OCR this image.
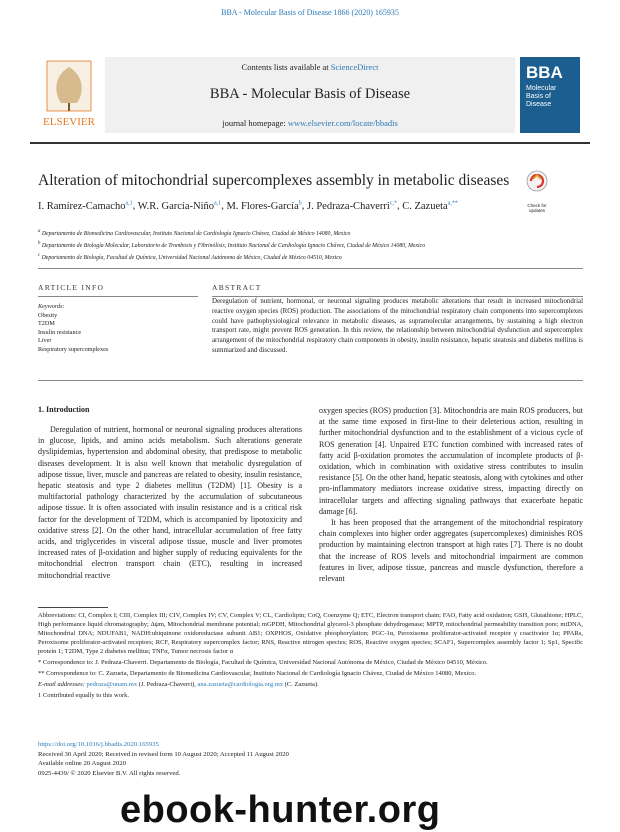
BBA - Molecular Basis of Disease 1866 (2020) 165935
ELSEVIER
Contents lists available at ScienceDirect
BBA - Molecular Basis of Disease
journal homepage: www.elsevier.com/locate/bbadis
BBA
Molecular Basis of Disease
Alteration of mitochondrial supercomplexes assembly in metabolic diseases
Check for updates
I. Ramírez-Camacho$^{a,1}$, W.R. García-Niño$^{a,1}$, M. Flores-García$^b$, J. Pedraza-Chaverri$^{c,*}$, C. Zazueta$^{a,**}$
$^a$ Departamento de Biomedicina Cardiovascular, Instituto Nacional de Cardiología Ignacio Chávez, Ciudad de México 14080, Mexico
$^b$ Departamento de Biología Molecular, Laboratorio de Trombosis y Fibrinólisis, Instituto Nacional de Cardiología Ignacio Chávez, Ciudad de México 14080, Mexico
$^c$ Departamento de Biología, Facultad de Química, Universidad Nacional Autónoma de México, Ciudad de México 04510, Mexico
ARTICLE INFO	ABSTRACT
Keywords:
Obesity
T2DM
Insulin resistance
Liver
Respiratory supercomplexes
Deregulation of nutrient, hormonal, or neuronal signaling produces metabolic alterations that result in increased mitochondrial reactive oxygen species (ROS) production. The associations of the mitochondrial respiratory chain components into supercomplexes could have pathophysiological relevance in metabolic diseases, as supramolecular arrangements, by sustaining a high electron transport rate, might prevent ROS generation. In this review, the relationship between mitochondrial dysfunction and supercomplex arrangement of the mitochondrial respiratory chain components in obesity, insulin resistance, hepatic steatosis and diabetes mellitus is summarized and discussed.
1. Introduction

Deregulation of nutrient, hormonal or neuronal signaling produces alterations in glucose, lipids, and amino acids metabolism. Such alterations generate dyslipidemias, hypertension and abdominal obesity, that predispose to metabolic diseases development. It is also well known that metabolic dysregulation of adipose tissue, liver, muscle and pancreas are related to obesity, insulin resistance, hepatic steatosis and type 2 diabetes mellitus (T2DM) [1]. Obesity is a multifactorial pathology characterized by the accumulation of subcutaneous adipose tissue. It is often associated with insulin resistance and is a critical risk factor for the development of T2DM, which is accompanied by lipotoxicity and oxidative stress [2]. On the other hand, intracellular accumulation of free fatty acids, and triglycerides in visceral adipose tissue, muscle and liver promotes increased rates of β-oxidation and higher supply of reducing equivalents for the mitochondrial electron transport chain (ETC), resulting in increased mitochondrial reactive

oxygen species (ROS) production [3]. Mitochondria are main ROS producers, but at the same time exposed in first-line to their deleterious action, resulting in further mitochondrial dysfunction and to the establishment of a vicious cycle of ROS generation [4]. Unpaired ETC function combined with increased rates of fatty acid β-oxidation promotes the accumulation of incomplete products of β-oxidation, which in combination with oxidative stress contributes to insulin resistance [5]. On the other hand, hepatic steatosis, along with cytokines and other pro-inflammatory mediators increase oxidative stress, impacting directly on intracellular targets and affecting signaling pathways that exacerbate hepatic damage [6].

It has been proposed that the arrangement of the mitochondrial respiratory chain complexes into higher order aggregates (supercomplexes) diminishes ROS production by maintaining electron transport at high rates [7]. There is no doubt that the increase of ROS levels and mitochondrial impairment are common features in liver, adipose tissue, pancreas and muscle dysfunction, therefore a relevant

Abbreviations: CI, Complex I; CIII, Complex III; CIV, Complex IV; CV, Complex V; CL, Cardiolipin; CoQ, Coenzyme Q; ETC, Electron transport chain; FAO, Fatty acid oxidation; GSH, Glutathione; HPLC, High performance liquid chromatography; Δψm, Mitochondrial membrane potential; mGPDH, Mitochondrial glycerol-3 phosphate dehydrogenase; MPTP, mitochondrial permeability transition pore; mtDNA, Mitochondrial DNA; NDUFAB1, NADH:ubiquinone oxidoreductase subunit AB1; OXPHOS, Oxidative phosphorylation; PGC-1α, Peroxisome proliferator-activated receptor γ coactivator 1α; PPARs, Peroxisome proliferator-activated receptors; RCF, Respiratory supercomplex factor; RNS, Reactive nitrogen species; ROS, Reactive oxygen species; SCAF1, Supercomplex assembly factor 1; Sp1, Specific protein 1; T2DM, Type 2 diabetes mellitus; TNFα, Tumor necrosis factor α

* Correspondence to: J. Pedraza-Chaverri. Departamento de Biología, Facultad de Química, Universidad Nacional Autónoma de México, Ciudad de México 04510, México.

** Correspondence to: C. Zazueta, Departamento de Biomedicina Cardiovascular, Instituto Nacional de Cardiología Ignacio Chávez, Ciudad de México 14080, Mexico.

E-mail addresses: pedraza@unam.mx (J. Pedraza-Chaverri), ana.zazueta@cardiologia.org.mx (C. Zazueta).

1 Contributed equally to this work.

https://doi.org/10.1016/j.bbadis.2020.165935
Received 30 April 2020; Received in revised form 10 August 2020; Accepted 11 August 2020
Available online 20 August 2020
0925-4439/ © 2020 Elsevier B.V. All rights reserved.
ebook-hunter.org
